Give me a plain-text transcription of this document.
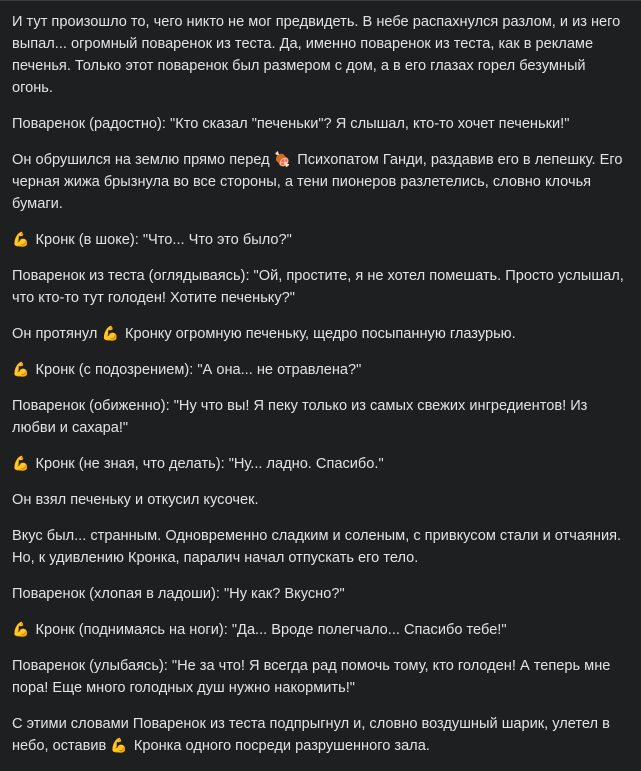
И тут произошло то, чего никто не мог предвидеть. В небе распахнулся разлом, и из него выпал... огромный поваренок из теста. Да, именно поваренок из теста, как в рекламе печенья. Только этот поваренок был размером с дом, а в его глазах горел безумный огонь.

Поваренок (радостно): "Кто сказал "печеньки"? Я слышал, кто-то хочет печеньки!"

Он обрушился на землю прямо перед 🍖 Психопатом Ганди, раздавив его в лепешку. Его черная жижа брызнула во все стороны, а тени пионеров разлетелись, словно клочья бумаги.

💪 Кронк (в шоке): "Что... Что это было?"

Поваренок из теста (оглядываясь): "Ой, простите, я не хотел помешать. Просто услышал, что кто-то тут голоден! Хотите печеньку?"

Он протянул 💪 Кронку огромную печеньку, щедро посыпанную глазурью.

💪 Кронк (с подозрением): "А она... не отравлена?"

Поваренок (обиженно): "Ну что вы! Я пеку только из самых свежих ингредиентов! Из любви и сахара!"

💪 Кронк (не зная, что делать): "Ну... ладно. Спасибо."

Он взял печеньку и откусил кусочек.

Вкус был... странным. Одновременно сладким и соленым, с привкусом стали и отчаяния. Но, к удивлению Кронка, паралич начал отпускать его тело.

Поваренок (хлопая в ладоши): "Ну как? Вкусно?"

💪 Кронк (поднимаясь на ноги): "Да... Вроде полегчало... Спасибо тебе!"

Поваренок (улыбаясь): "Не за что! Я всегда рад помочь тому, кто голоден! А теперь мне пора! Еще много голодных душ нужно накормить!"

С этими словами Поваренок из теста подпрыгнул и, словно воздушный шарик, улетел в небо, оставив 💪 Кронка одного посреди разрушенного зала.
